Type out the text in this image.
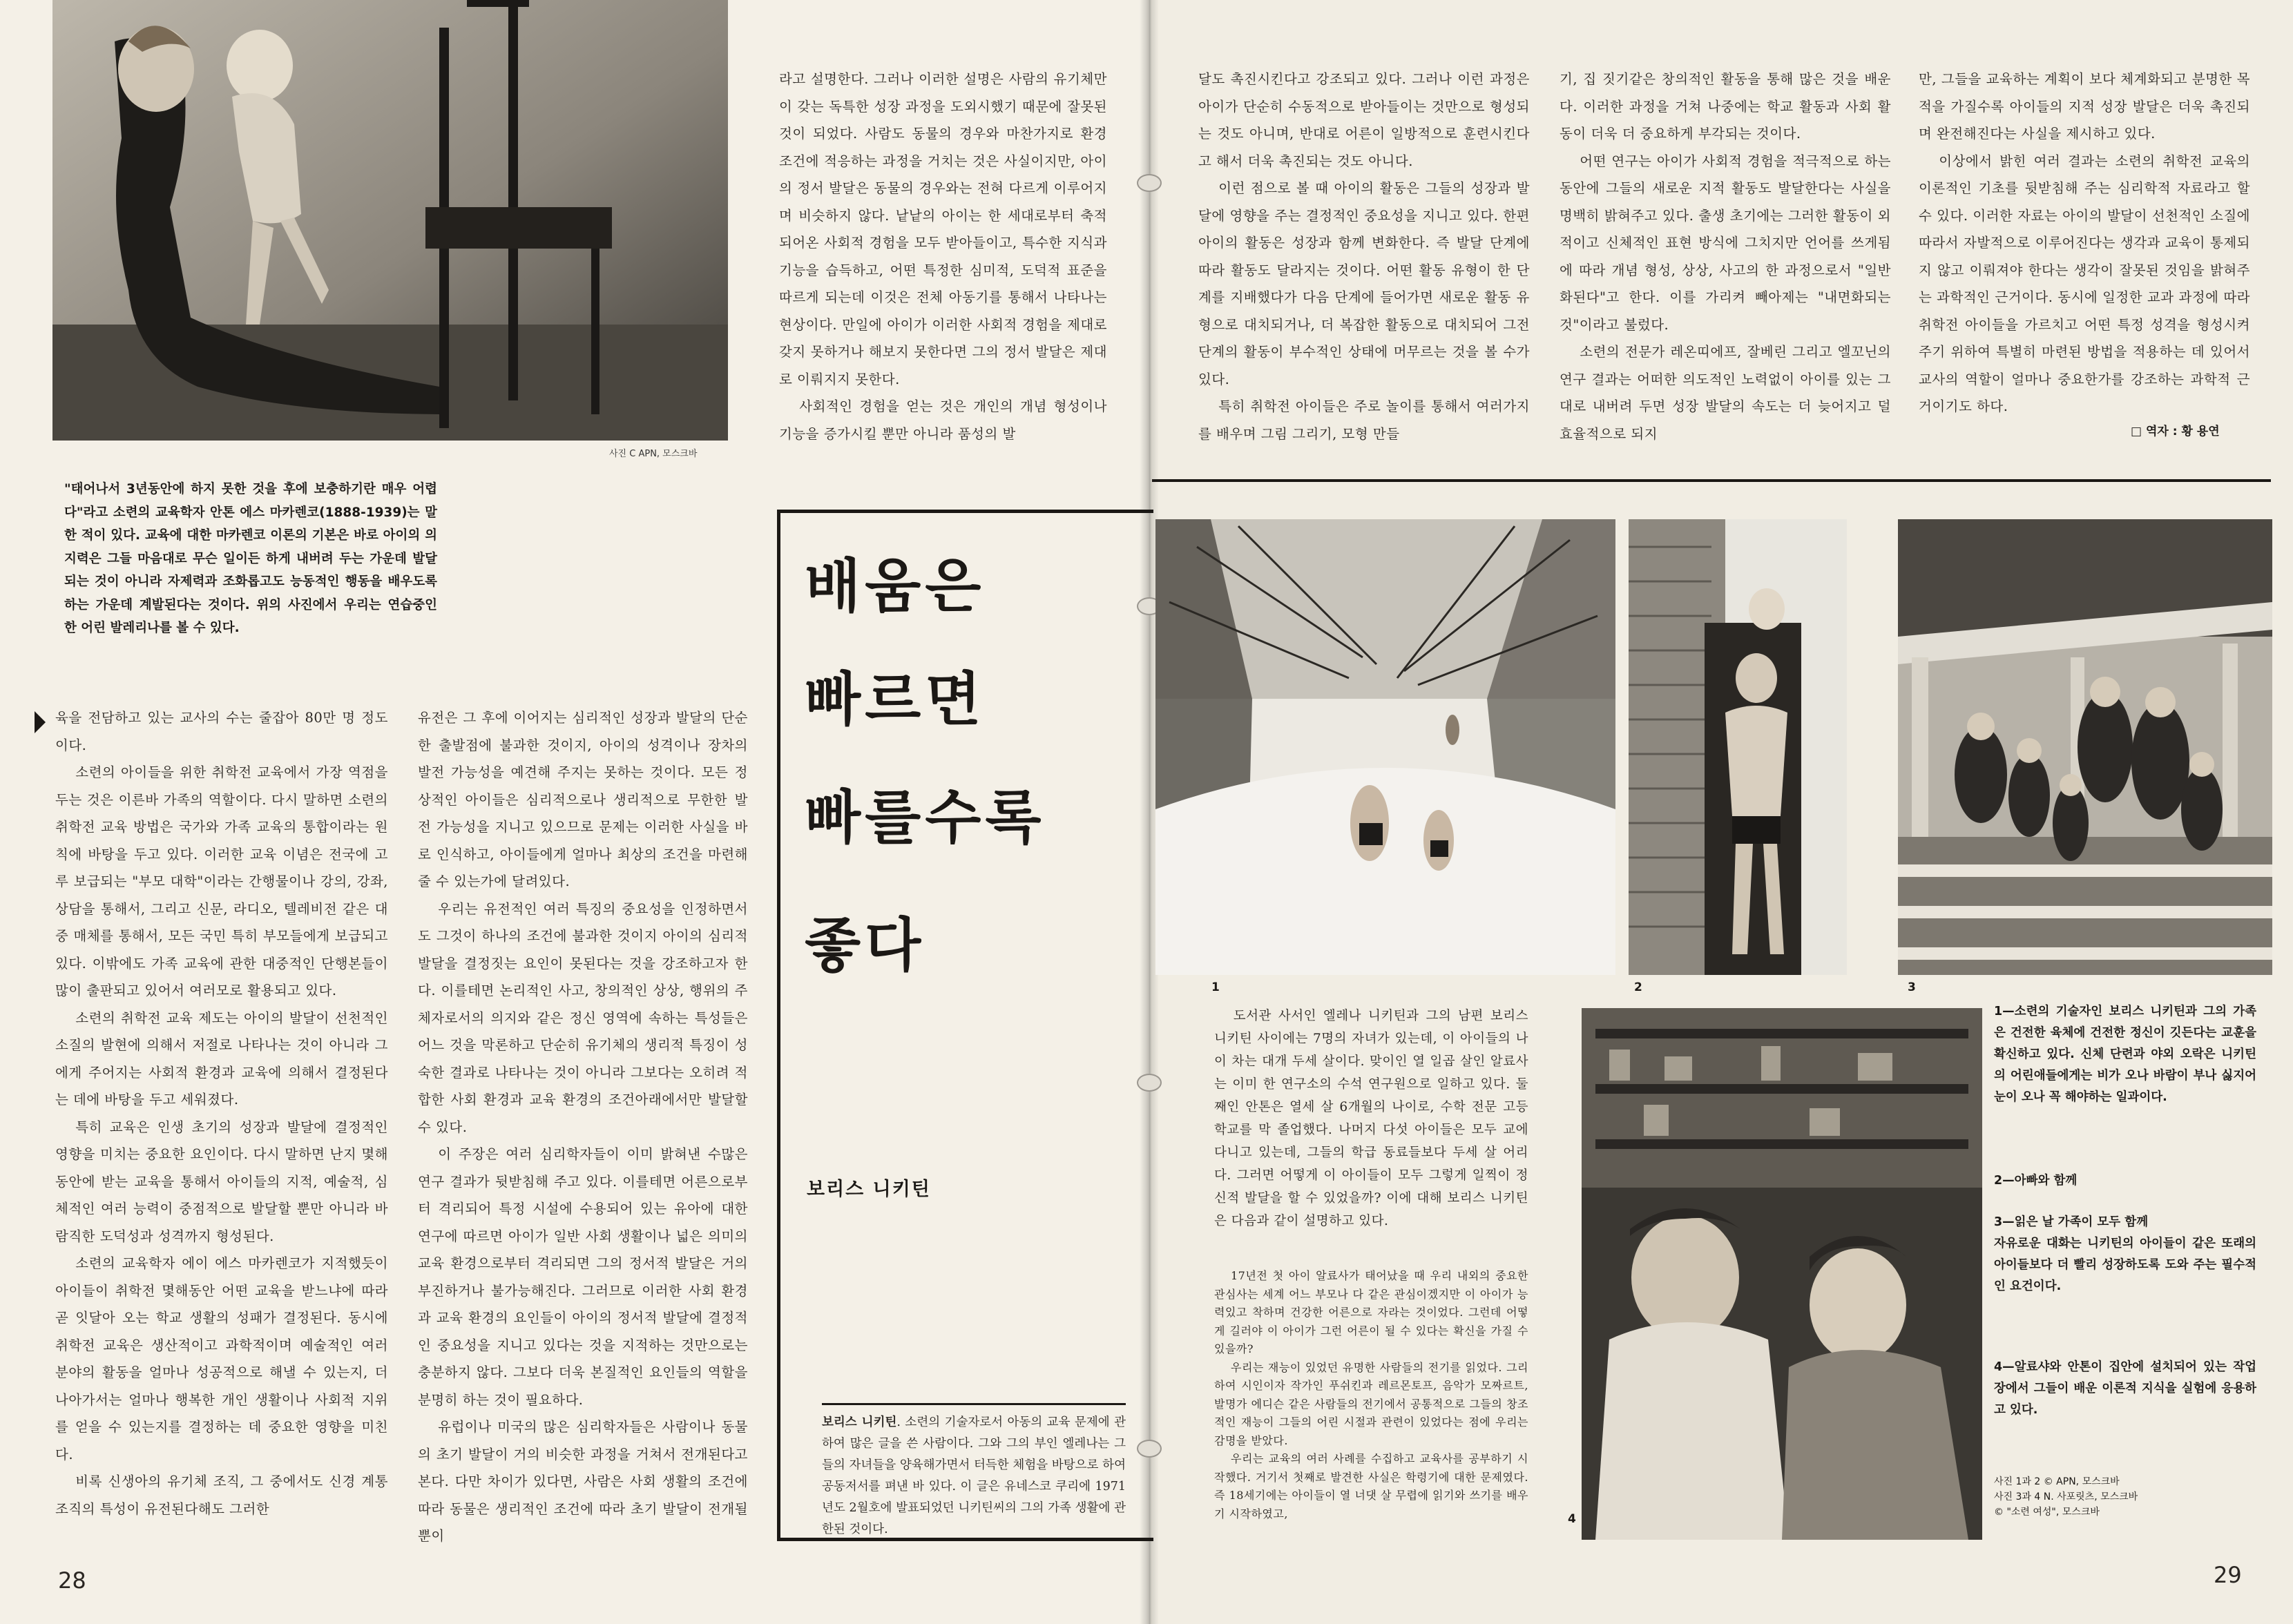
사진 C APN, 모스크바
"태어나서 3년동안에 하지 못한 것을 후에 보충하기란 매우 어렵다"라고 소련의 교육학자 안톤 에스 마카렌코(1888-1939)는 말한 적이 있다. 교육에 대한 마카렌코 이론의 기본은 바로 아이의 의지력은 그들 마음대로 무슨 일이든 하게 내버려 두는 가운데 발달되는 것이 아니라 자제력과 조화롭고도 능동적인 행동을 배우도록 하는 가운데 계발된다는 것이다. 위의 사진에서 우리는 연습중인 한 어린 발레리나를 볼 수 있다.

육을 전담하고 있는 교사의 수는 줄잡아 80만 명 정도이다.

소련의 아이들을 위한 취학전 교육에서 가장 역점을 두는 것은 이른바 가족의 역할이다. 다시 말하면 소련의 취학전 교육 방법은 국가와 가족 교육의 통합이라는 원칙에 바탕을 두고 있다. 이러한 교육 이념은 전국에 고루 보급되는 "부모 대학"이라는 간행물이나 강의, 강좌, 상담을 통해서, 그리고 신문, 라디오, 텔레비전 같은 대중 매체를 통해서, 모든 국민 특히 부모들에게 보급되고 있다. 이밖에도 가족 교육에 관한 대중적인 단행본들이 많이 출판되고 있어서 여러모로 활용되고 있다.

소련의 취학전 교육 제도는 아이의 발달이 선천적인 소질의 발현에 의해서 저절로 나타나는 것이 아니라 그에게 주어지는 사회적 환경과 교육에 의해서 결정된다는 데에 바탕을 두고 세워졌다.

특히 교육은 인생 초기의 성장과 발달에 결정적인 영향을 미치는 중요한 요인이다. 다시 말하면 난지 몇해동안에 받는 교육을 통해서 아이들의 지적, 예술적, 심체적인 여러 능력이 중점적으로 발달할 뿐만 아니라 바람직한 도덕성과 성격까지 형성된다.

소련의 교육학자 에이 에스 마카렌코가 지적했듯이 아이들이 취학전 몇해동안 어떤 교육을 받느냐에 따라 곧 잇달아 오는 학교 생활의 성패가 결정된다. 동시에 취학전 교육은 생산적이고 과학적이며 예술적인 여러 분야의 활동을 얼마나 성공적으로 해낼 수 있는지, 더 나아가서는 얼마나 행복한 개인 생활이나 사회적 지위를 얻을 수 있는지를 결정하는 데 중요한 영향을 미친다.

비록 신생아의 유기체 조직, 그 중에서도 신경 계통 조직의 특성이 유전된다해도 그러한

유전은 그 후에 이어지는 심리적인 성장과 발달의 단순한 출발점에 불과한 것이지, 아이의 성격이나 장차의 발전 가능성을 예견해 주지는 못하는 것이다. 모든 정상적인 아이들은 심리적으로나 생리적으로 무한한 발전 가능성을 지니고 있으므로 문제는 이러한 사실을 바로 인식하고, 아이들에게 얼마나 최상의 조건을 마련해 줄 수 있는가에 달려있다.

우리는 유전적인 여러 특징의 중요성을 인정하면서도 그것이 하나의 조건에 불과한 것이지 아이의 심리적 발달을 결정짓는 요인이 못된다는 것을 강조하고자 한다. 이를테면 논리적인 사고, 창의적인 상상, 행위의 주체자로서의 의지와 같은 정신 영역에 속하는 특성들은 어느 것을 막론하고 단순히 유기체의 생리적 특징이 성숙한 결과로 나타나는 것이 아니라 그보다는 오히려 적합한 사회 환경과 교육 환경의 조건아래에서만 발달할 수 있다.

이 주장은 여러 심리학자들이 이미 밝혀낸 수많은 연구 결과가 뒷받침해 주고 있다. 이를테면 어른으로부터 격리되어 특정 시설에 수용되어 있는 유아에 대한 연구에 따르면 아이가 일반 사회 생활이나 넓은 의미의 교육 환경으로부터 격리되면 그의 정서적 발달은 거의 부진하거나 불가능해진다. 그러므로 이러한 사회 환경과 교육 환경의 요인들이 아이의 정서적 발달에 결정적인 중요성을 지니고 있다는 것을 지적하는 것만으로는 충분하지 않다. 그보다 더욱 본질적인 요인들의 역할을 분명히 하는 것이 필요하다.

유럽이나 미국의 많은 심리학자들은 사람이나 동물의 초기 발달이 거의 비슷한 과정을 거쳐서 전개된다고 본다. 다만 차이가 있다면, 사람은 사회 생활의 조건에 따라 동물은 생리적인 조건에 따라 초기 발달이 전개될 뿐이

라고 설명한다. 그러나 이러한 설명은 사람의 유기체만이 갖는 독특한 성장 과정을 도외시했기 때문에 잘못된 것이 되었다. 사람도 동물의 경우와 마찬가지로 환경 조건에 적응하는 과정을 거치는 것은 사실이지만, 아이의 정서 발달은 동물의 경우와는 전혀 다르게 이루어지며 비슷하지 않다. 낱낱의 아이는 한 세대로부터 축적되어온 사회적 경험을 모두 받아들이고, 특수한 지식과 기능을 습득하고, 어떤 특정한 심미적, 도덕적 표준을 따르게 되는데 이것은 전체 아동기를 통해서 나타나는 현상이다. 만일에 아이가 이러한 사회적 경험을 제대로 갖지 못하거나 해보지 못한다면 그의 정서 발달은 제대로 이뤄지지 못한다.

사회적인 경험을 얻는 것은 개인의 개념 형성이나 기능을 증가시킬 뿐만 아니라 품성의 발

배움은
빠르면
빠를수록
좋다
보리스 니키틴
보리스 니키틴. 소련의 기술자로서 아동의 교육 문제에 관하여 많은 글을 쓴 사람이다. 그와 그의 부인 엘레나는 그들의 자녀들을 양육해가면서 터득한 체험을 바탕으로 하여 공동저서를 펴낸 바 있다. 이 글은 유네스코 쿠리에 1971년도 2월호에 발표되었던 니키틴씨의 그의 가족 생활에 관한된 것이다.
28

달도 촉진시킨다고 강조되고 있다. 그러나 이런 과정은 아이가 단순히 수동적으로 받아들이는 것만으로 형성되는 것도 아니며, 반대로 어른이 일방적으로 훈련시킨다고 해서 더욱 촉진되는 것도 아니다.

이런 점으로 볼 때 아이의 활동은 그들의 성장과 발달에 영향을 주는 결정적인 중요성을 지니고 있다. 한편 아이의 활동은 성장과 함께 변화한다. 즉 발달 단계에 따라 활동도 달라지는 것이다. 어떤 활동 유형이 한 단계를 지배했다가 다음 단계에 들어가면 새로운 활동 유형으로 대치되거나, 더 복잡한 활동으로 대치되어 그전 단계의 활동이 부수적인 상태에 머무르는 것을 볼 수가 있다.

특히 취학전 아이들은 주로 놀이를 통해서 여러가지를 배우며 그림 그리기, 모형 만들

기, 집 짓기같은 창의적인 활동을 통해 많은 것을 배운다. 이러한 과정을 거쳐 나중에는 학교 활동과 사회 활동이 더욱 더 중요하게 부각되는 것이다.

어떤 연구는 아이가 사회적 경험을 적극적으로 하는 동안에 그들의 새로운 지적 활동도 발달한다는 사실을 명백히 밝혀주고 있다. 출생 초기에는 그러한 활동이 외적이고 신체적인 표현 방식에 그치지만 언어를 쓰게됨에 따라 개념 형성, 상상, 사고의 한 과정으로서 "일반화된다"고 한다. 이를 가리켜 빼아제는 "내면화되는 것"이라고 불렀다.

소련의 전문가 레온띠에프, 잘베린 그리고 엘꼬닌의 연구 결과는 어떠한 의도적인 노력없이 아이를 있는 그대로 내버려 두면 성장 발달의 속도는 더 늦어지고 덜 효율적으로 되지

만, 그들을 교육하는 계획이 보다 체계화되고 분명한 목적을 가질수록 아이들의 지적 성장 발달은 더욱 촉진되며 완전해진다는 사실을 제시하고 있다.

이상에서 밝힌 여러 결과는 소련의 취학전 교육의 이론적인 기초를 뒷받침해 주는 심리학적 자료라고 할 수 있다. 이러한 자료는 아이의 발달이 선천적인 소질에 따라서 자발적으로 이루어진다는 생각과 교육이 통제되지 않고 이뤄져야 한다는 생각이 잘못된 것임을 밝혀주는 과학적인 근거이다. 동시에 일정한 교과 과정에 따라 취학전 아이들을 가르치고 어떤 특정 성격을 형성시켜주기 위하여 특별히 마련된 방법을 적용하는 데 있어서 교사의 역할이 얼마나 중요한가를 강조하는 과학적 근거이기도 하다.

□ 역자 : 황 용연
1	2	3

도서관 사서인 엘레나 니키틴과 그의 남편 보리스 니키틴 사이에는 7명의 자녀가 있는데, 이 아이들의 나이 차는 대개 두세 살이다. 맞이인 열 일곱 살인 알료사는 이미 한 연구소의 수석 연구원으로 일하고 있다. 둘째인 안톤은 열세 살 6개월의 나이로, 수학 전문 고등학교를 막 졸업했다. 나머지 다섯 아이들은 모두 교에 다니고 있는데, 그들의 학급 동료들보다 두세 살 어리다. 그러면 어떻게 이 아이들이 모두 그렇게 일찍이 정신적 발달을 할 수 있었을까? 이에 대해 보리스 니키틴은 다음과 같이 설명하고 있다.

17년전 첫 아이 알료사가 태어났을 때 우리 내외의 중요한 관심사는 세계 어느 부모나 다 같은 관심이겠지만 이 아이가 능력있고 착하며 건강한 어른으로 자라는 것이었다. 그런데 어떻게 길러야 이 아이가 그런 어른이 될 수 있다는 확신을 가질 수 있을까?

우리는 재능이 있었던 유명한 사람들의 전기를 읽었다. 그리하여 시인이자 작가인 푸쉬킨과 레르몬토프, 음악가 모짜르트, 발명가 에디슨 같은 사람들의 전기에서 공통적으로 그들의 창조적인 재능이 그들의 어린 시절과 관련이 있었다는 점에 우리는 감명을 받았다.

우리는 교육의 여러 사례를 수집하고 교육사를 공부하기 시작했다. 거기서 첫째로 발견한 사실은 학령기에 대한 문제였다. 즉 18세기에는 아이들이 열 너댓 살 무렵에 읽기와 쓰기를 배우기 시작하였고,	4
1—소련의 기술자인 보리스 니키틴과 그의 가족은 건전한 육체에 건전한 정신이 깃든다는 교훈을 확신하고 있다. 신체 단련과 야외 오락은 니키틴의 어린애들에게는 비가 오나 바람이 부나 싫지어 눈이 오나 꼭 해야하는 일과이다.
2—아빠와 함께
3—읽은 날 가족이 모두 함께
자유로운 대화는 니키틴의 아이들이 같은 또래의 아이들보다 더 빨리 성장하도록 도와 주는 필수적인 요건이다.
4—알료샤와 안톤이 집안에 설치되어 있는 작업장에서 그들이 배운 이론적 지식을 실험에 응용하고 있다.
사진 1과 2 © APN, 모스크바
사진 3과 4 N. 사포릿츠, 모스크바
© "소련 여성", 모스크바
29
